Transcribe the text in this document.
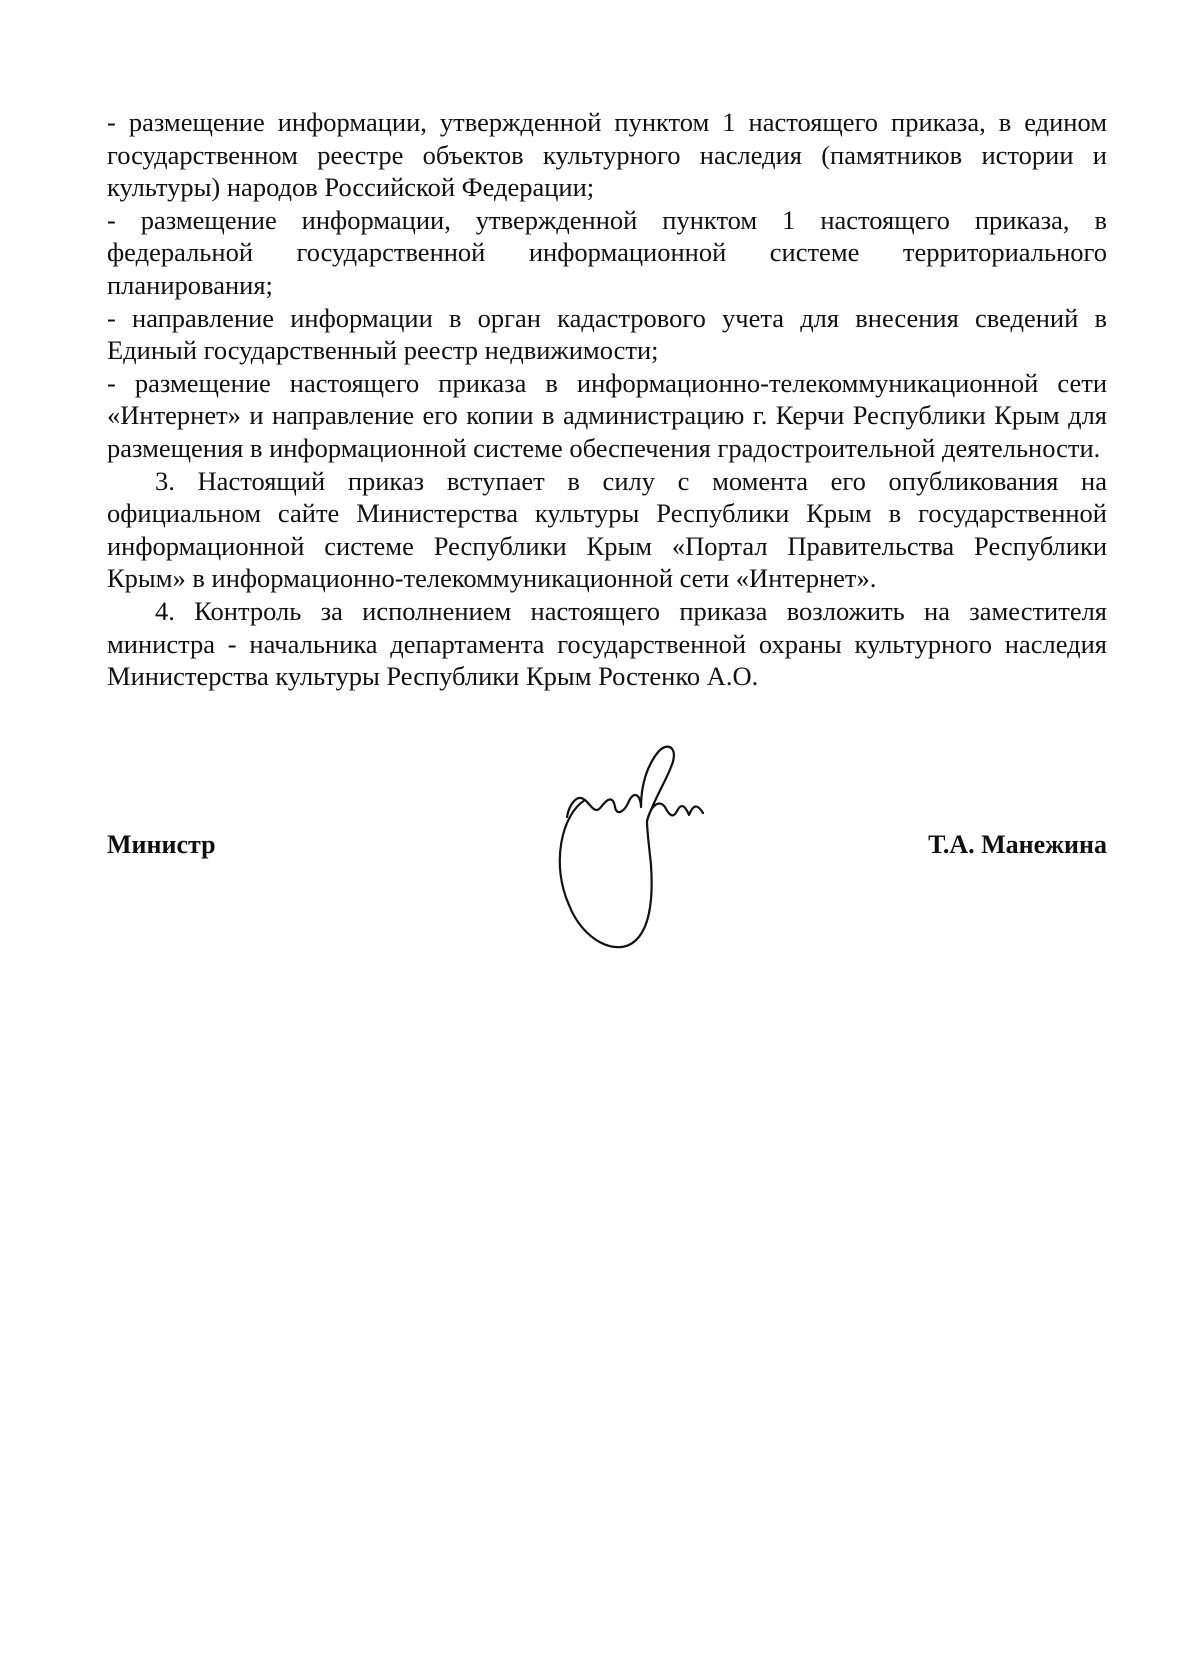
- размещение информации, утвержденной пунктом 1 настоящего приказа, в едином государственном реестре объектов культурного наследия (памятников истории и культуры) народов Российской Федерации;

- размещение информации, утвержденной пунктом 1 настоящего приказа, в федеральной государственной информационной системе территориального планирования;

- направление информации в орган кадастрового учета для внесения сведений в Единый государственный реестр недвижимости;

- размещение настоящего приказа в информационно-телекоммуникационной сети «Интернет» и направление его копии в администрацию г. Керчи Республики Крым для размещения в информационной системе обеспечения градостроительной деятельности.

3. Настоящий приказ вступает в силу с момента его опубликования на официальном сайте Министерства культуры Республики Крым в государственной информационной системе Республики Крым «Портал Правительства Республики Крым» в информационно-телекоммуникационной сети «Интернет».

4. Контроль за исполнением настоящего приказа возложить на заместителя министра - начальника департамента государственной охраны культурного наследия Министерства культуры Республики Крым Ростенко А.О.

Министр	Т.А. Манежина
